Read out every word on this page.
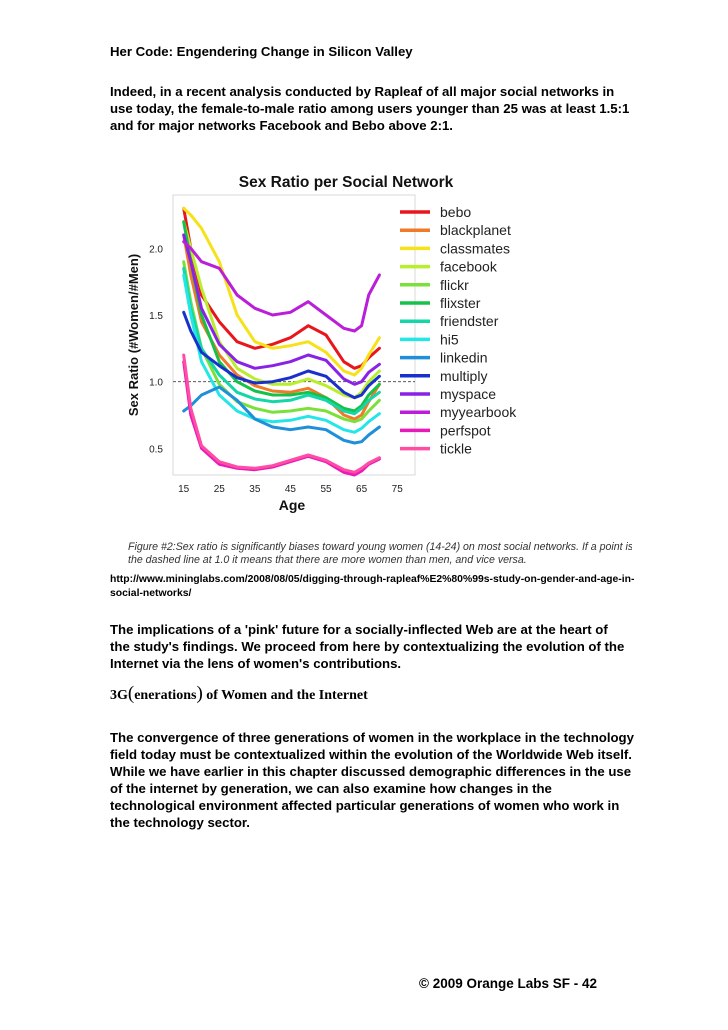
Her Code: Engendering Change in Silicon Valley
Indeed, in a recent analysis conducted by Rapleaf of all major social networks in use today, the female-to-male ratio among users younger than 25 was at least 1.5:1 and for major networks Facebook and Bebo above 2:1.
Sex Ratio per Social Network
Sex Ratio (#Women/#Men)
Age
Figure #2:Sex ratio is significantly biases toward young women (14-24) on most social networks. If a point is above the dashed line at 1.0 it means that there are more women than men, and vice versa.
0.5
1.0
1.5
2.0
15 25 35 45 55 65 75
bebo
blackplanet
classmates
facebook
flickr
flixster
friendster
hi5
linkedin
multiply
myspace
myyearbook
perfspot
tickle
http://www.mininglabs.com/2008/08/05/digging-through-rapleaf%E2%80%99s-study-on-gender-and-age-in-social-networks/
The implications of a 'pink' future for a socially-inflected Web are at the heart of the study's findings. We proceed from here by contextualizing the evolution of the Internet via the lens of women's contributions.
3G(enerations) of Women and the Internet
The convergence of three generations of women in the workplace in the technology field today must be contextualized within the evolution of the Worldwide Web itself. While we have earlier in this chapter discussed demographic differences in the use of the internet by generation, we can also examine how changes in the technological environment affected particular generations of women who work in the technology sector.
© 2009 Orange Labs SF - 42
